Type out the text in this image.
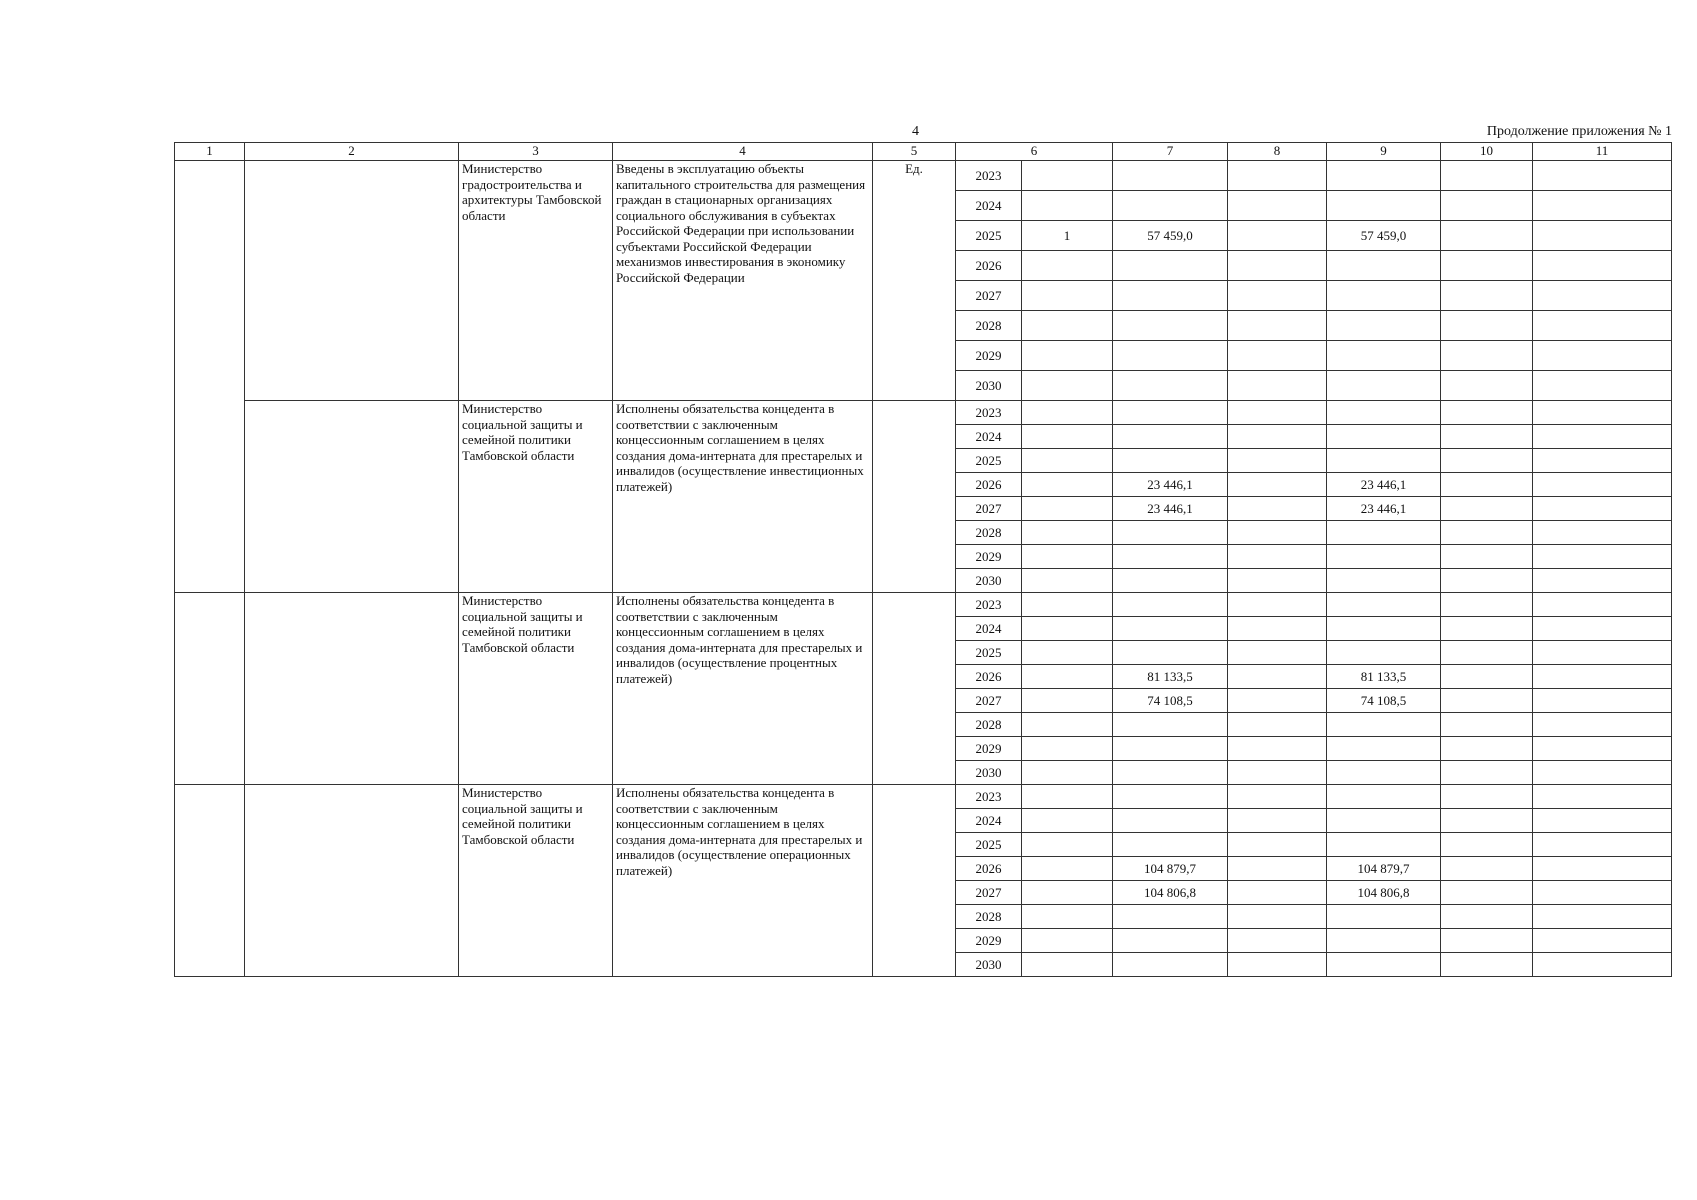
4	Продолжение приложения № 1
1	2	3	4	5	6		7	8	9	10	11
		Министерство градостроительства и архитектуры Тамбовской области	Введены в эксплуатацию объекты капитального строительства для размещения граждан в стационарных организациях социального обслуживания в субъектах Российской Федерации при использовании субъектами Российской Федерации механизмов инвестирования в экономику Российской Федерации	Ед.	2023						
					2024						
					2025	1	57 459,0		57 459,0		
					2026						
					2027						
					2028						
					2029						
					2030						
		Министерство социальной защиты и семейной политики Тамбовской области	Исполнены обязательства концедента в соответствии с заключенным концессионным соглашением в целях создания дома-интерната для престарелых и инвалидов (осуществление инвестиционных платежей)		2023						
					2024						
					2025						
					2026		23 446,1		23 446,1		
					2027		23 446,1		23 446,1		
					2028						
					2029						
					2030						
		Министерство социальной защиты и семейной политики Тамбовской области	Исполнены обязательства концедента в соответствии с заключенным концессионным соглашением в целях создания дома-интерната для престарелых и инвалидов (осуществление процентных платежей)		2023						
					2024						
					2025						
					2026		81 133,5		81 133,5		
					2027		74 108,5		74 108,5		
					2028						
					2029						
					2030						
		Министерство социальной защиты и семейной политики Тамбовской области	Исполнены обязательства концедента в соответствии с заключенным концессионным соглашением в целях создания дома-интерната для престарелых и инвалидов (осуществление операционных платежей)		2023						
					2024						
					2025						
					2026		104 879,7		104 879,7		
					2027		104 806,8		104 806,8		
					2028						
					2029						
					2030						
